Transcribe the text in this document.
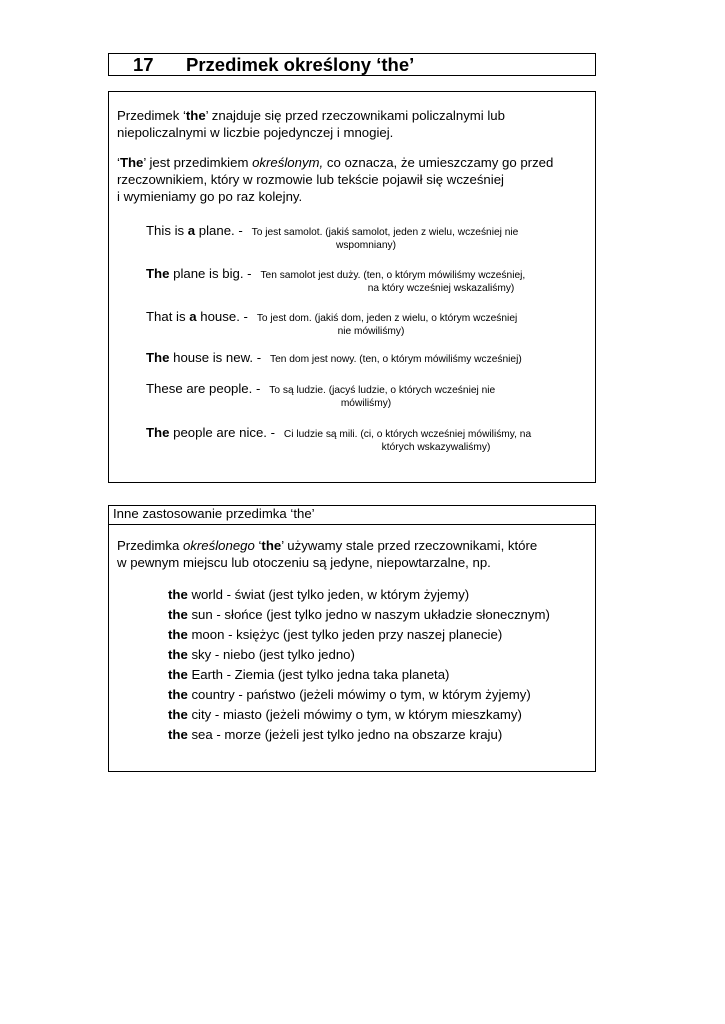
17 Przedimek określony ‘the’

Przedimek ‘the’ znajduje się przed rzeczownikami policzalnymi lub
niepoliczalnymi w liczbie pojedynczej i mnogiej.

‘The’ jest przedimkiem określonym, co oznacza, że umieszczamy go przed
rzeczownikiem, który w rozmowie lub tekście pojawił się wcześniej
i wymieniamy go po raz kolejny.

This is a plane. - To jest samolot. (jakiś samolot, jeden z wielu, wcześniej nie
wspomniany)
The plane is big. - Ten samolot jest duży. (ten, o którym mówiliśmy wcześniej,
na który wcześniej wskazaliśmy)
That is a house. - To jest dom. (jakiś dom, jeden z wielu, o którym wcześniej
nie mówiliśmy)
The house is new. - Ten dom jest nowy. (ten, o którym mówiliśmy wcześniej)
These are people. - To są ludzie. (jacyś ludzie, o których wcześniej nie
mówiliśmy)
The people are nice. - Ci ludzie są mili. (ci, o których wcześniej mówiliśmy, na
których wskazywaliśmy)
Inne zastosowanie przedimka ‘the’

Przedimka określonego ‘the’ używamy stale przed rzeczownikami, które
w pewnym miejscu lub otoczeniu są jedyne, niepowtarzalne, np.

the world - świat (jest tylko jeden, w którym żyjemy)
the sun - słońce (jest tylko jedno w naszym układzie słonecznym)
the moon - księżyc (jest tylko jeden przy naszej planecie)
the sky - niebo (jest tylko jedno)
the Earth - Ziemia (jest tylko jedna taka planeta)
the country - państwo (jeżeli mówimy o tym, w którym żyjemy)
the city - miasto (jeżeli mówimy o tym, w którym mieszkamy)
the sea - morze (jeżeli jest tylko jedno na obszarze kraju)
